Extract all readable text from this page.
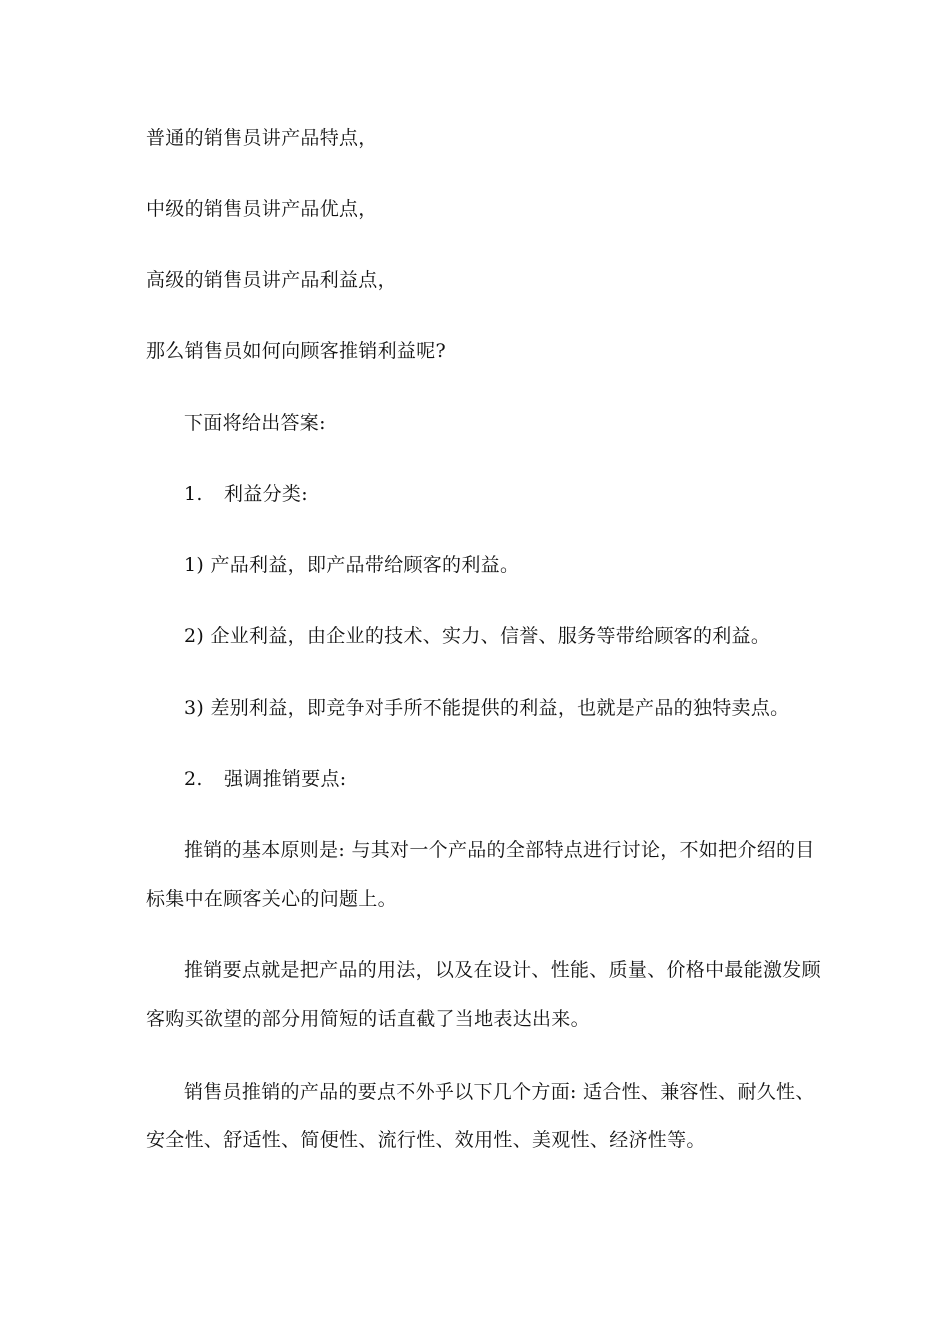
普通的销售员讲产品特点，
中级的销售员讲产品优点，
高级的销售员讲产品利益点，
那么销售员如何向顾客推销利益呢?
下面将给出答案:
1. 利益分类:
1) 产品利益，即产品带给顾客的利益。
2) 企业利益，由企业的技术、实力、信誉、服务等带给顾客的利益。
3) 差别利益，即竞争对手所不能提供的利益，也就是产品的独特卖点。
2. 强调推销要点:
推销的基本原则是: 与其对一个产品的全部特点进行讨论，不如把介绍的目
标集中在顾客关心的问题上。
推销要点就是把产品的用法，以及在设计、性能、质量、价格中最能激发顾
客购买欲望的部分用简短的话直截了当地表达出来。
销售员推销的产品的要点不外乎以下几个方面: 适合性、兼容性、耐久性、
安全性、舒适性、简便性、流行性、效用性、美观性、经济性等。
